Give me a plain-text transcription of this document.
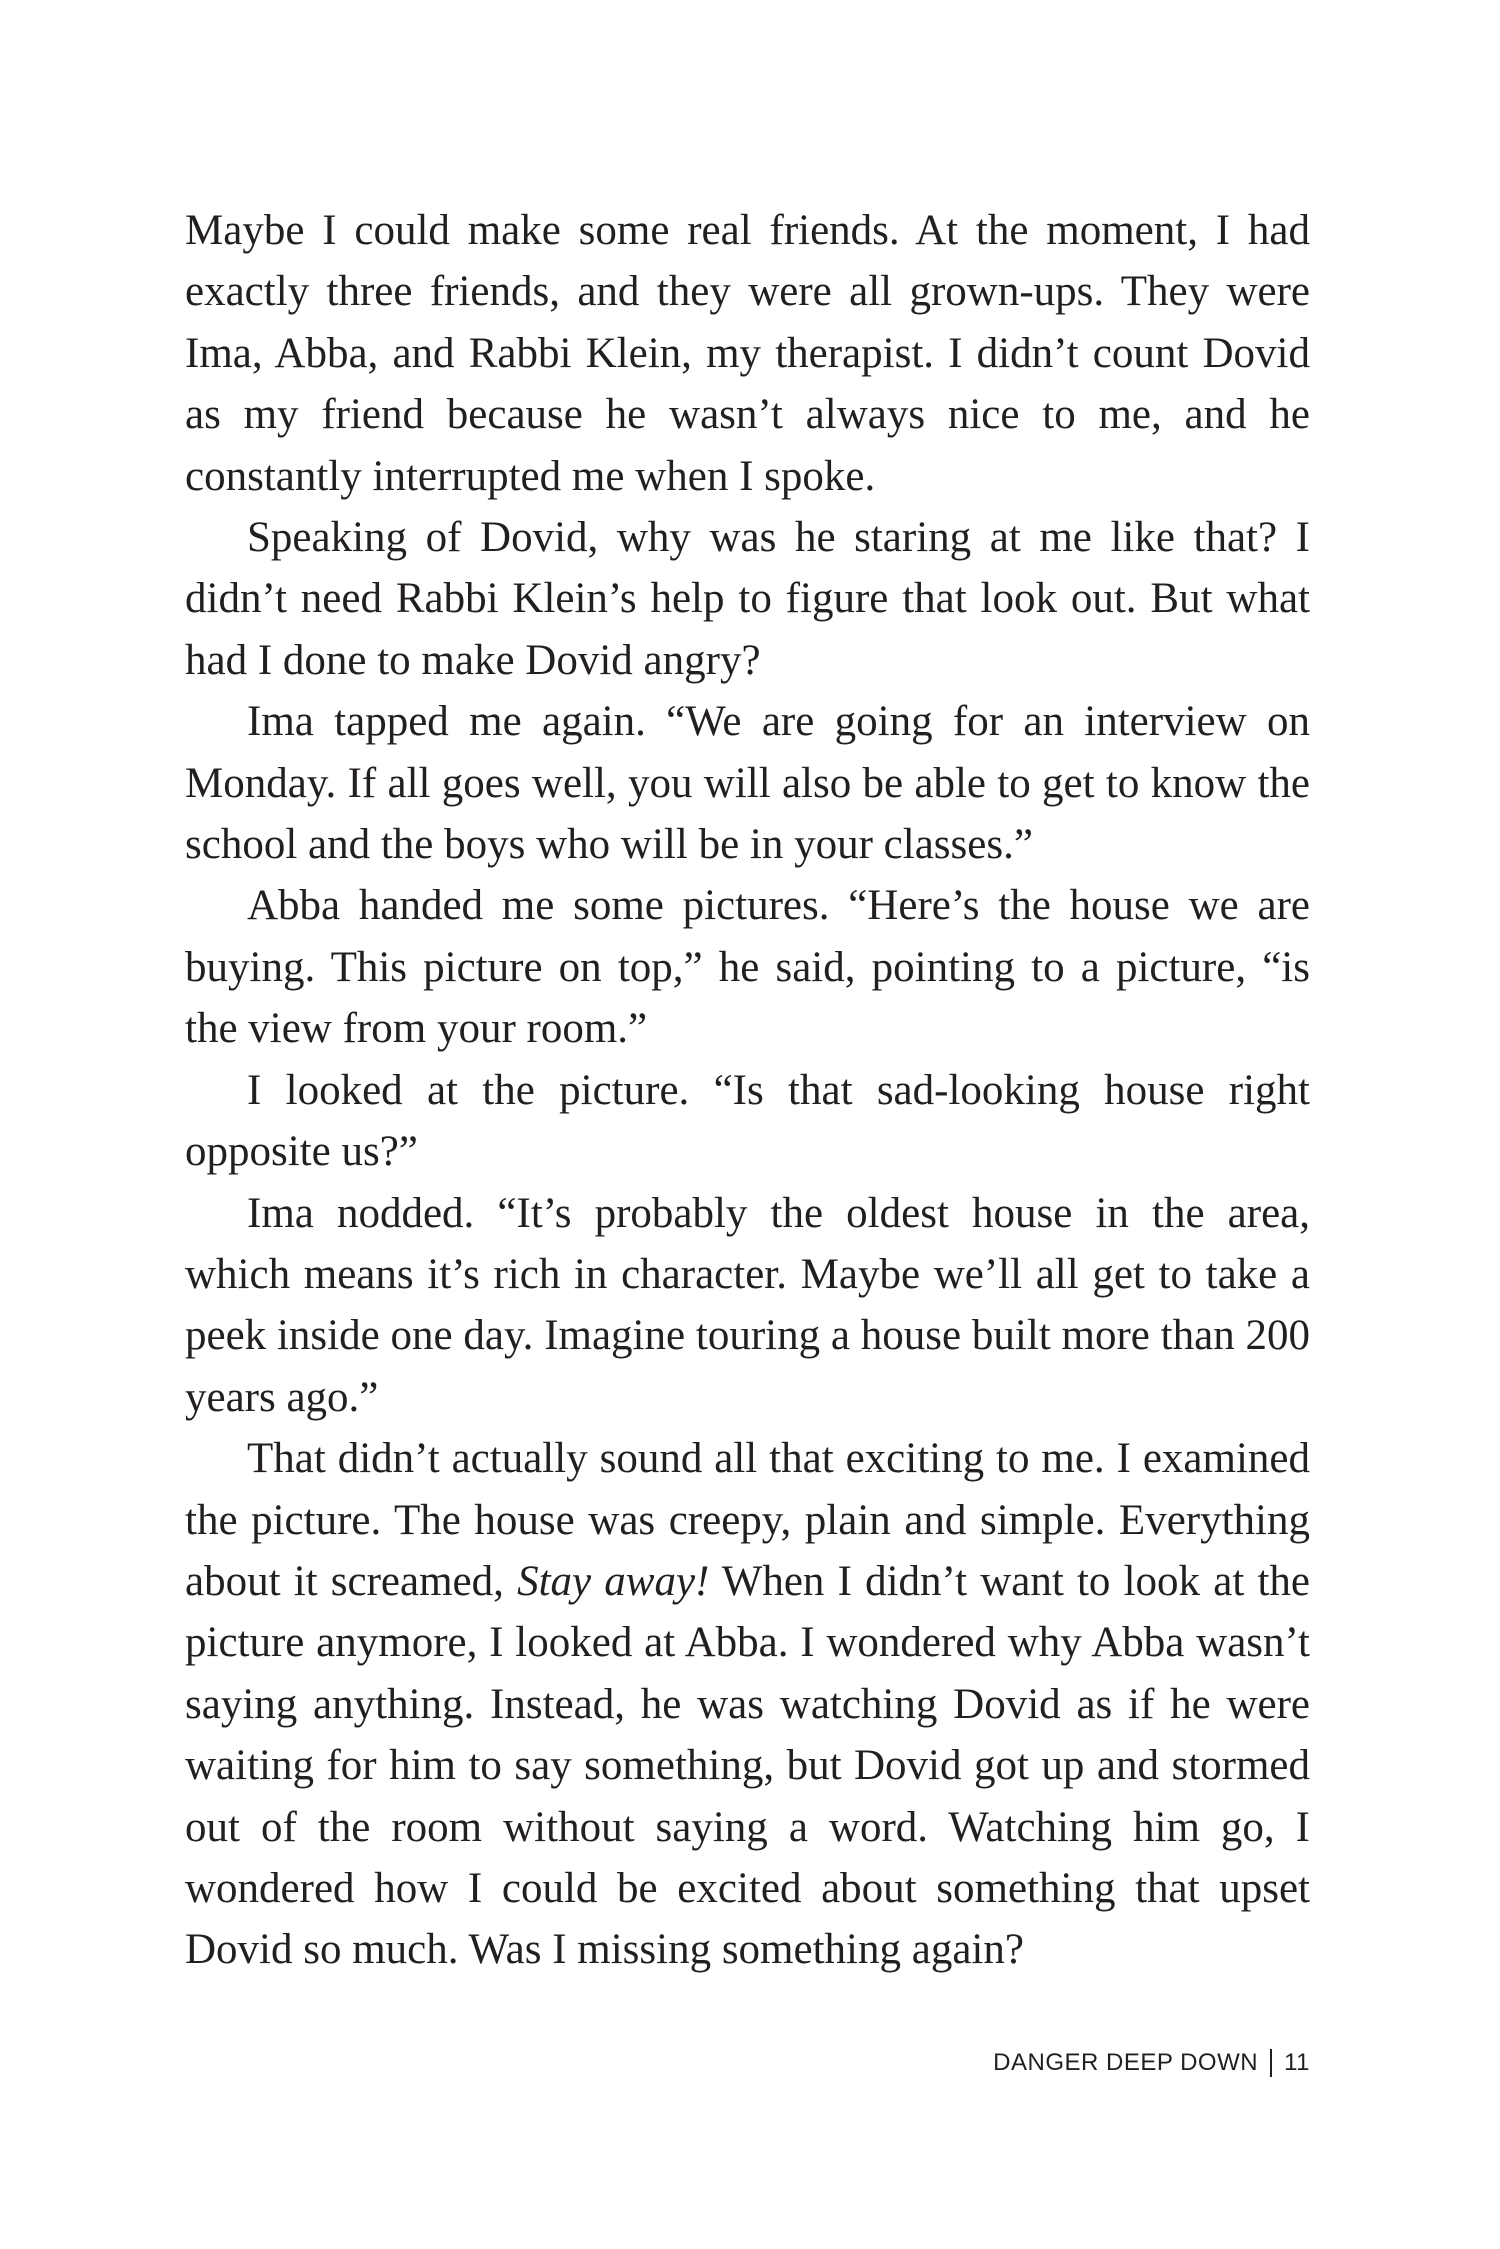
Maybe I could make some real friends. At the moment, I had exactly three friends, and they were all grown-ups. They were Ima, Abba, and Rabbi Klein, my therapist. I didn’t count Dovid as my friend because he wasn’t always nice to me, and he constantly interrupted me when I spoke.

Speaking of Dovid, why was he staring at me like that? I didn’t need Rabbi Klein’s help to figure that look out. But what had I done to make Dovid angry?

Ima tapped me again. “We are going for an interview on Monday. If all goes well, you will also be able to get to know the school and the boys who will be in your classes.”

Abba handed me some pictures. “Here’s the house we are buying. This picture on top,” he said, pointing to a picture, “is the view from your room.”

I looked at the picture. “Is that sad-looking house right opposite us?”

Ima nodded. “It’s probably the oldest house in the area, which means it’s rich in character. Maybe we’ll all get to take a peek inside one day. Imagine touring a house built more than 200 years ago.”

That didn’t actually sound all that exciting to me. I examined the picture. The house was creepy, plain and simple. Everything about it screamed, Stay away! When I didn’t want to look at the picture anymore, I looked at Abba. I wondered why Abba wasn’t saying anything. Instead, he was watching Dovid as if he were waiting for him to say something, but Dovid got up and stormed out of the room without saying a word. Watching him go, I wondered how I could be excited about something that upset Dovid so much. Was I missing something again?

DANGER DEEP DOWN 11
